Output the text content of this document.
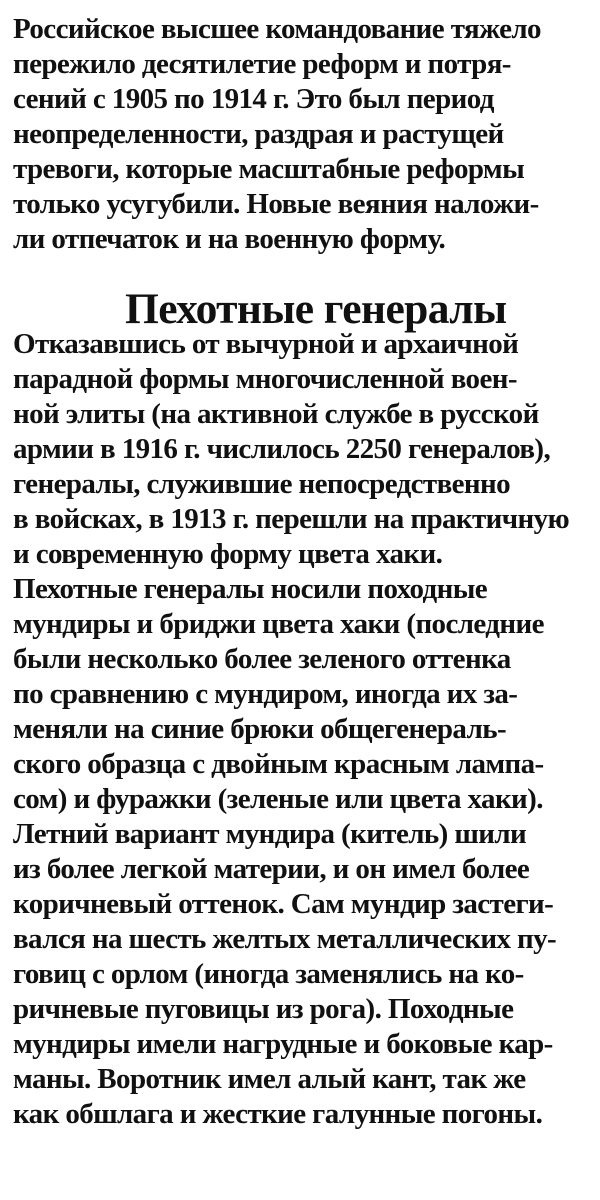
Российское высшее командование тяжело

пережило десятилетие реформ и потря-

сений с 1905 по 1914 г. Это был период

неопределенности, раздрая и растущей

тревоги, которые масштабные реформы

только усугубили. Новые веяния наложи-

ли отпечаток и на военную форму.

Пехотные генералы

Отказавшись от вычурной и архаичной

парадной формы многочисленной воен-

ной элиты (на активной службе в русской

армии в 1916 г. числилось 2250 генералов),

генералы, служившие непосредственно

в войсках, в 1913 г. перешли на практичную

и современную форму цвета хаки.

Пехотные генералы носили походные

мундиры и бриджи цвета хаки (последние

были несколько более зеленого оттенка

по сравнению с мундиром, иногда их за-

меняли на синие брюки общегенераль-

ского образца с двойным красным лампа-

сом) и фуражки (зеленые или цвета хаки).

Летний вариант мундира (китель) шили

из более легкой материи, и он имел более

коричневый оттенок. Сам мундир застеги-

вался на шесть желтых металлических пу-

говиц с орлом (иногда заменялись на ко-

ричневые пуговицы из рога). Походные

мундиры имели нагрудные и боковые кар-

маны. Воротник имел алый кант, так же

как обшлага и жесткие галунные погоны.
